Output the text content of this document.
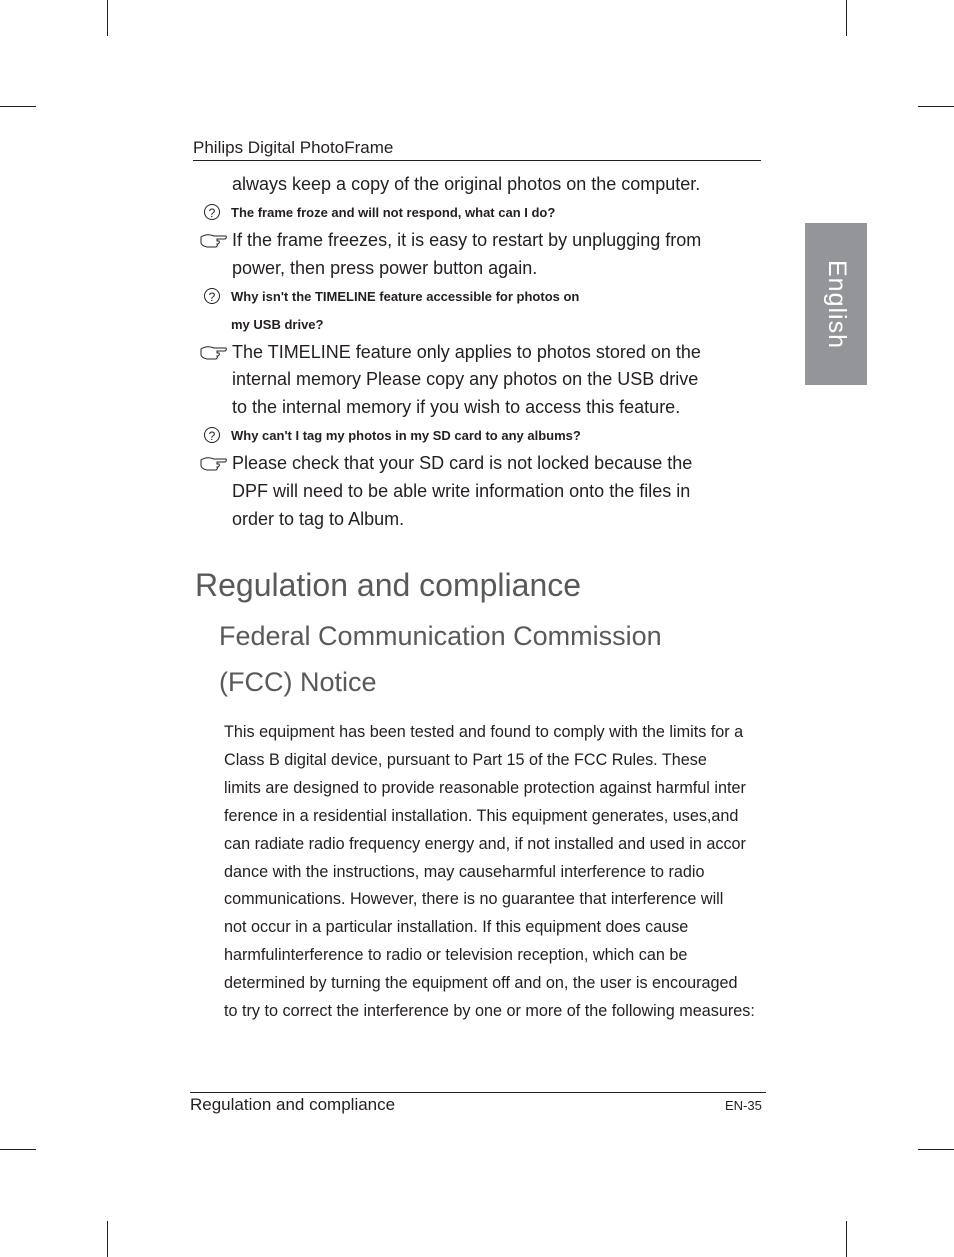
Philips Digital PhotoFrame
English
always keep a copy of the original photos on the computer.
?	The frame froze and will not respond, what can I do?
If the frame freezes, it is easy to restart by unplugging from
power, then press power button again.
?	Why isn't the TIMELINE feature accessible for photos on
my USB drive?
The TIMELINE feature only applies to photos stored on the
internal memory Please copy any photos on the USB drive
to the internal memory if you wish to access this feature.
?	Why can't I tag my photos in my SD card to any albums?
Please check that your SD card is not locked because the
DPF will need to be able write information onto the files in
order to tag to Album.
Regulation and compliance
Federal Communication Commission
(FCC) Notice
This equipment has been tested and found to comply with the limits for a
Class B digital device, pursuant to Part 15 of the FCC Rules. These
limits are designed to provide reasonable protection against harmful inter
ference in a residential installation. This equipment generates, uses,and
can radiate radio frequency energy and, if not installed and used in accor
dance with the instructions, may causeharmful interference to radio
communications. However, there is no guarantee that interference will
not occur in a particular installation. If this equipment does cause
harmfulinterference to radio or television reception, which can be
determined by turning the equipment off and on, the user is encouraged
to try to correct the interference by one or more of the following measures:
Regulation and compliance	EN-35
